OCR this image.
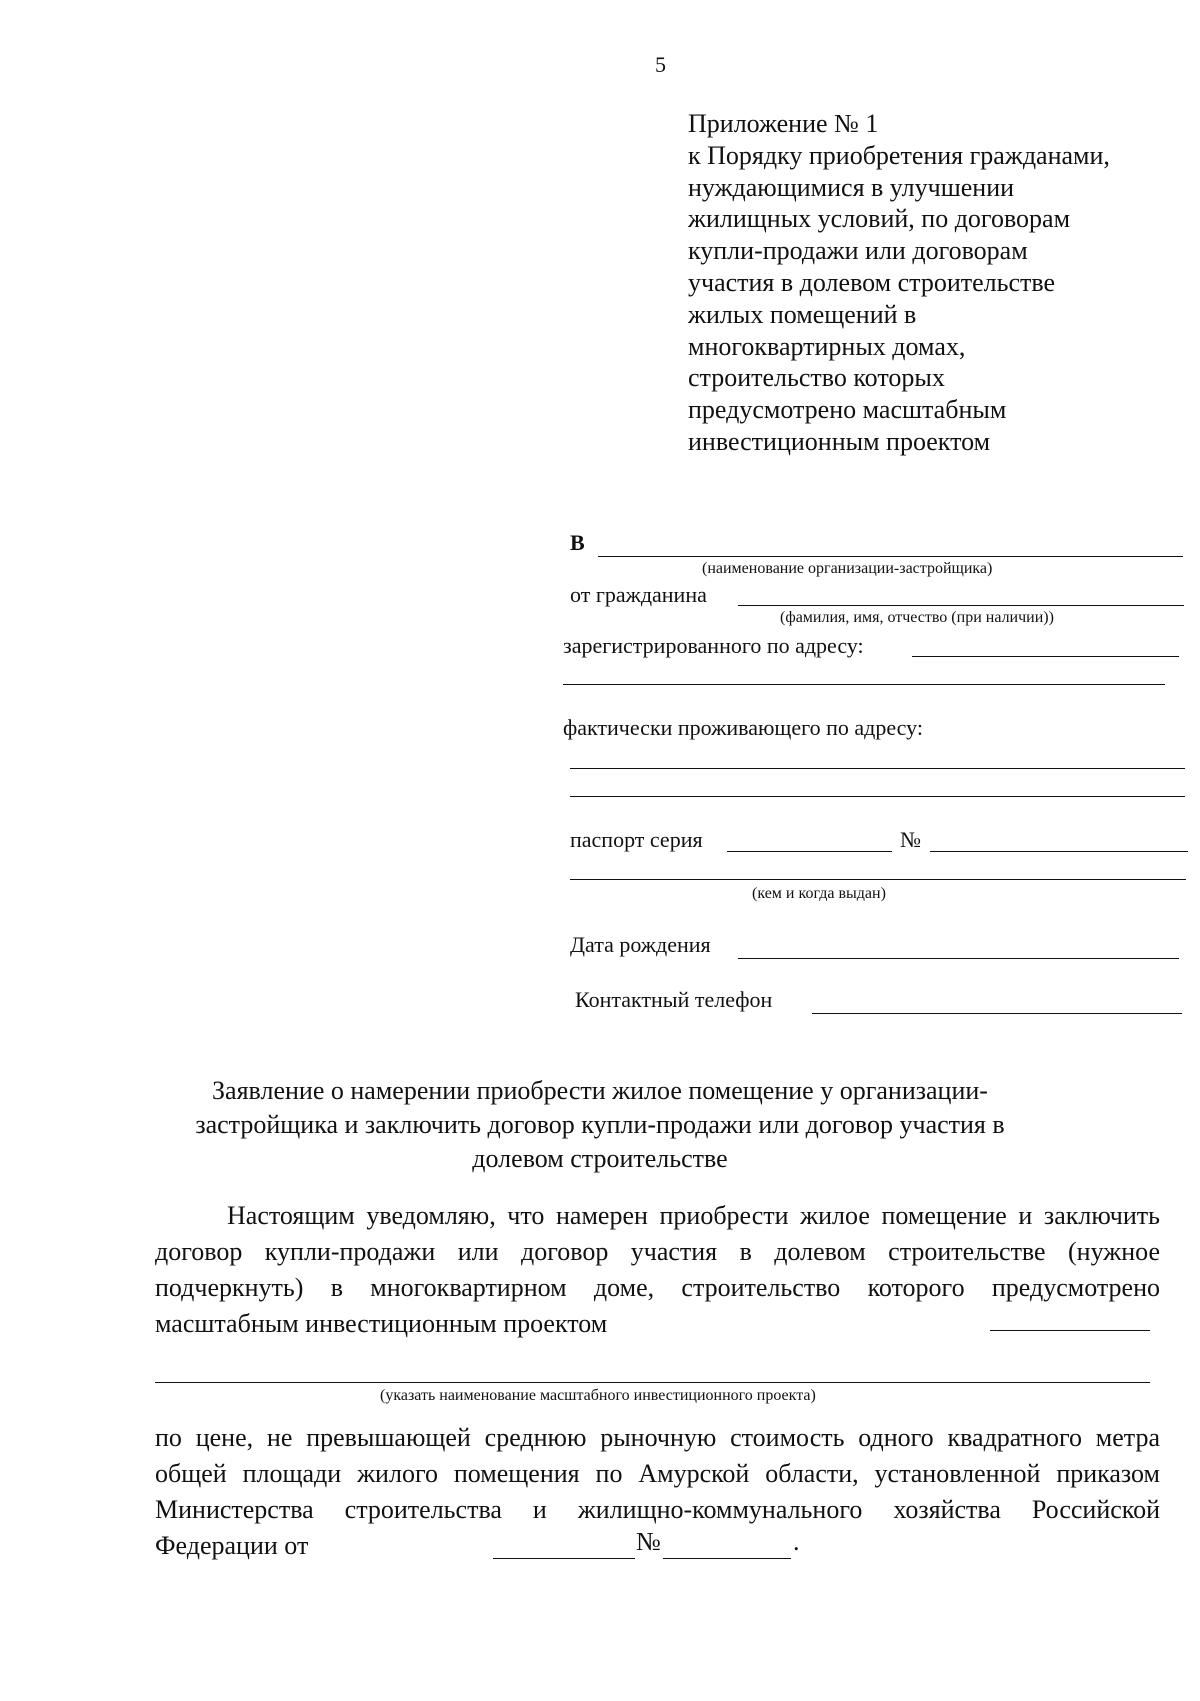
5
Приложение № 1
к Порядку приобретения гражданами,
нуждающимися в улучшении
жилищных условий, по договорам
купли-продажи или договорам
участия в долевом строительстве
жилых помещений в
многоквартирных домах,
строительство которых
предусмотрено масштабным
инвестиционным проектом
В
(наименование организации-застройщика)
от гражданина
(фамилия, имя, отчество (при наличии))
зарегистрированного по адресу:
фактически проживающего по адресу:
паспорт серия	№
(кем и когда выдан)
Дата рождения
Контактный телефон
Заявление о намерении приобрести жилое помещение у организации-
застройщика и заключить договор купли-продажи или договор участия в
долевом строительстве

Настоящим уведомляю, что намерен приобрести жилое помещение и заключить договор купли-продажи или договор участия в долевом строительстве (нужное подчеркнуть) в многоквартирном доме, строительство которого предусмотрено масштабным инвестиционным проектом

(указать наименование масштабного инвестиционного проекта)

по цене, не превышающей среднюю рыночную стоимость одного квадратного метра общей площади жилого помещения по Амурской области, установленной приказом Министерства строительства и жилищно-коммунального хозяйства Российской Федерации от	№	.
